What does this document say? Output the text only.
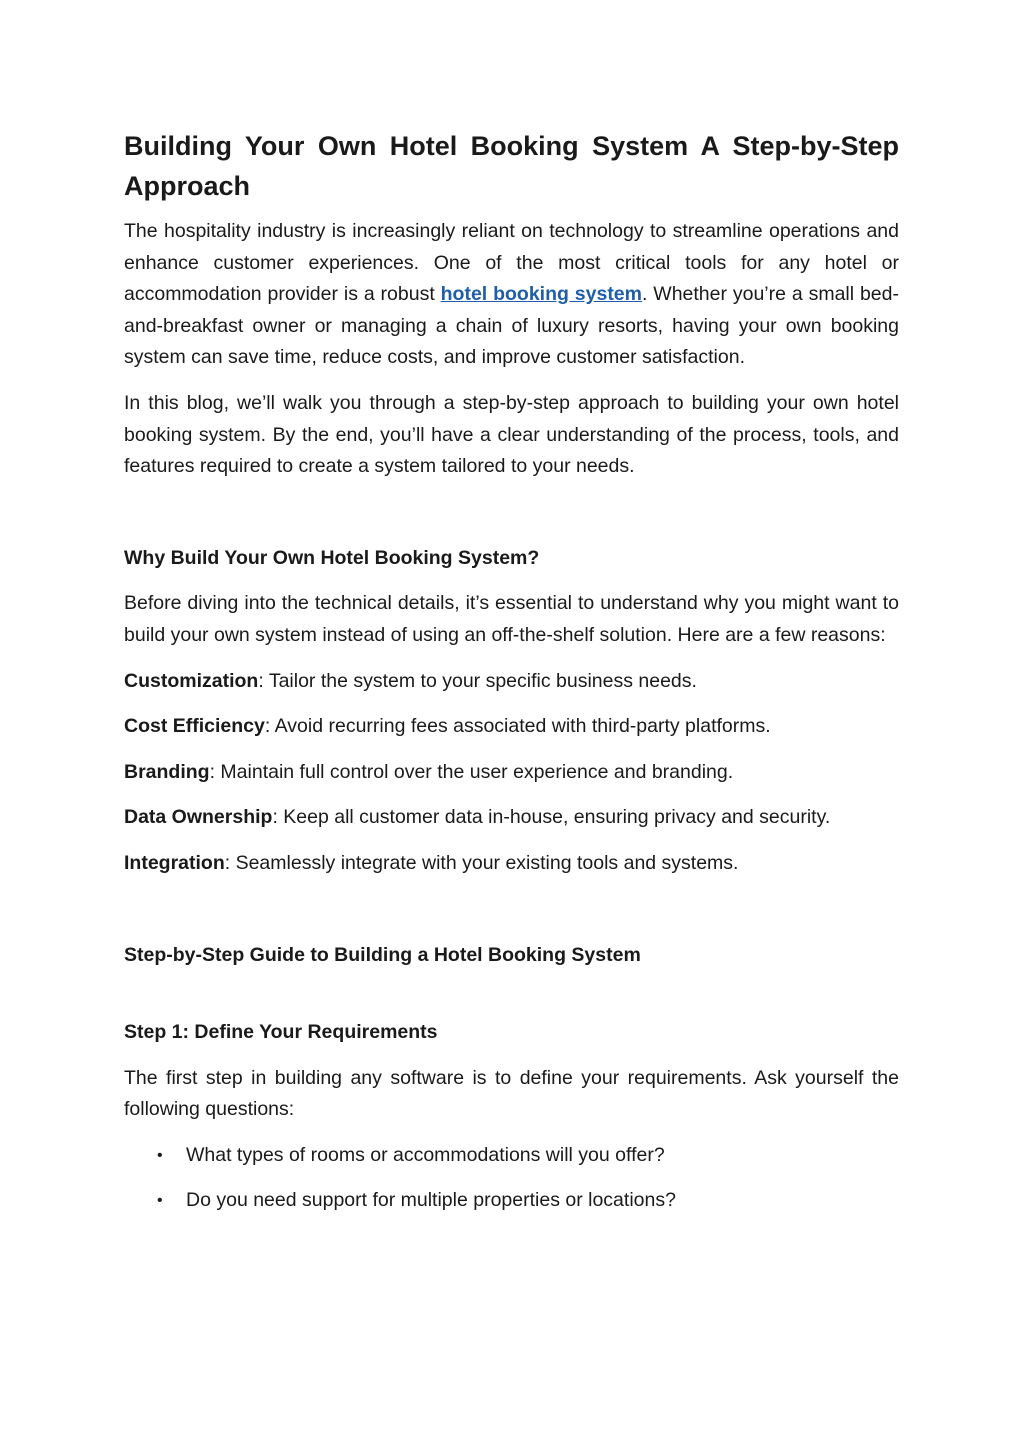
Building Your Own Hotel Booking System A Step-by-Step Approach

The hospitality industry is increasingly reliant on technology to streamline operations and enhance customer experiences. One of the most critical tools for any hotel or accommodation provider is a robust hotel booking system. Whether you’re a small bed-and-breakfast owner or managing a chain of luxury resorts, having your own booking system can save time, reduce costs, and improve customer satisfaction.

In this blog, we’ll walk you through a step-by-step approach to building your own hotel booking system. By the end, you’ll have a clear understanding of the process, tools, and features required to create a system tailored to your needs.

Why Build Your Own Hotel Booking System?

Before diving into the technical details, it’s essential to understand why you might want to build your own system instead of using an off-the-shelf solution. Here are a few reasons:

Customization: Tailor the system to your specific business needs.

Cost Efficiency: Avoid recurring fees associated with third-party platforms.

Branding: Maintain full control over the user experience and branding.

Data Ownership: Keep all customer data in-house, ensuring privacy and security.

Integration: Seamlessly integrate with your existing tools and systems.

Step-by-Step Guide to Building a Hotel Booking System
Step 1: Define Your Requirements

The first step in building any software is to define your requirements. Ask yourself the following questions:

• What types of rooms or accommodations will you offer?
• Do you need support for multiple properties or locations?
